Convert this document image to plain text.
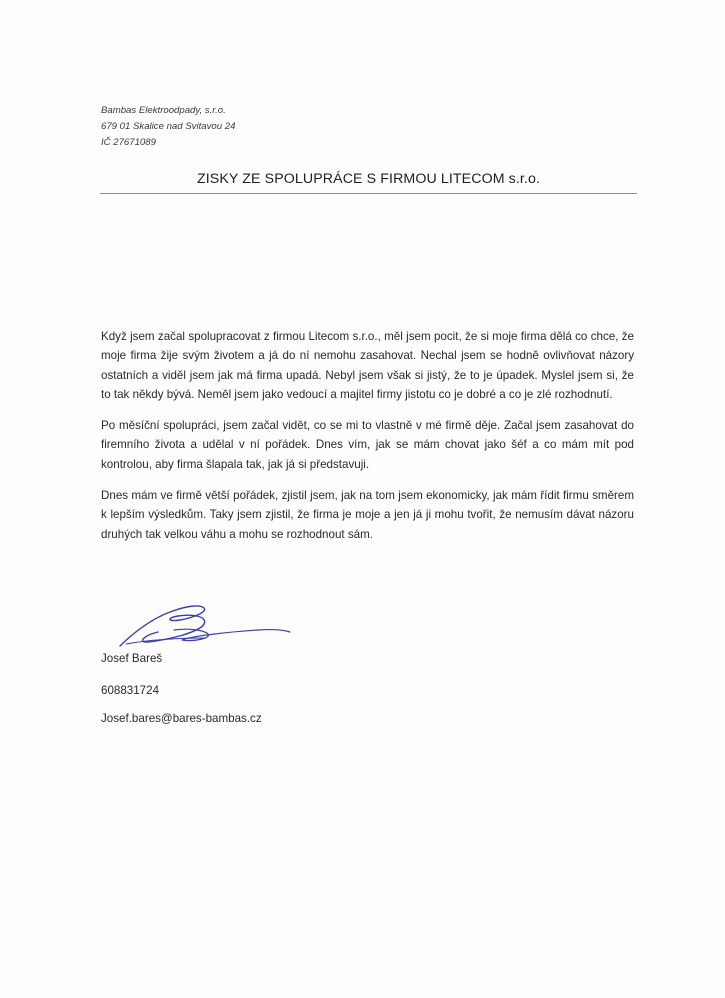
Bambas Elektroodpady, s.r.o.
679 01 Skalice nad Svitavou 24
IČ 27671089
ZISKY ZE SPOLUPRÁCE S FIRMOU LITECOM s.r.o.

Když jsem začal spolupracovat z firmou Litecom s.r.o., měl jsem pocit, že si moje firma dělá co chce, že moje firma žije svým životem a já do ní nemohu zasahovat. Nechal jsem se hodně ovlivňovat názory ostatních a viděl jsem jak má firma upadá. Nebyl jsem však si jistý, že to je úpadek. Myslel jsem si, že to tak někdy bývá. Neměl jsem jako vedoucí a majitel firmy jistotu co je dobré a co je zlé rozhodnutí.

Po měsíční spolupráci, jsem začal vidět, co se mi to vlastně v mé firmě děje. Začal jsem zasahovat do firemního života a udělal v ní pořádek. Dnes vím, jak se mám chovat jako šéf a co mám mít pod kontrolou, aby firma šlapala tak, jak já si představuji.

Dnes mám ve firmě větší pořádek, zjistil jsem, jak na tom jsem ekonomicky, jak mám řídit firmu směrem k lepším výsledkům. Taky jsem zjistil, že firma je moje a jen já ji mohu tvořit, že nemusím dávat názoru druhých tak velkou váhu a mohu se rozhodnout sám.

Josef Bareš
608831724
Josef.bares@bares-bambas.cz
